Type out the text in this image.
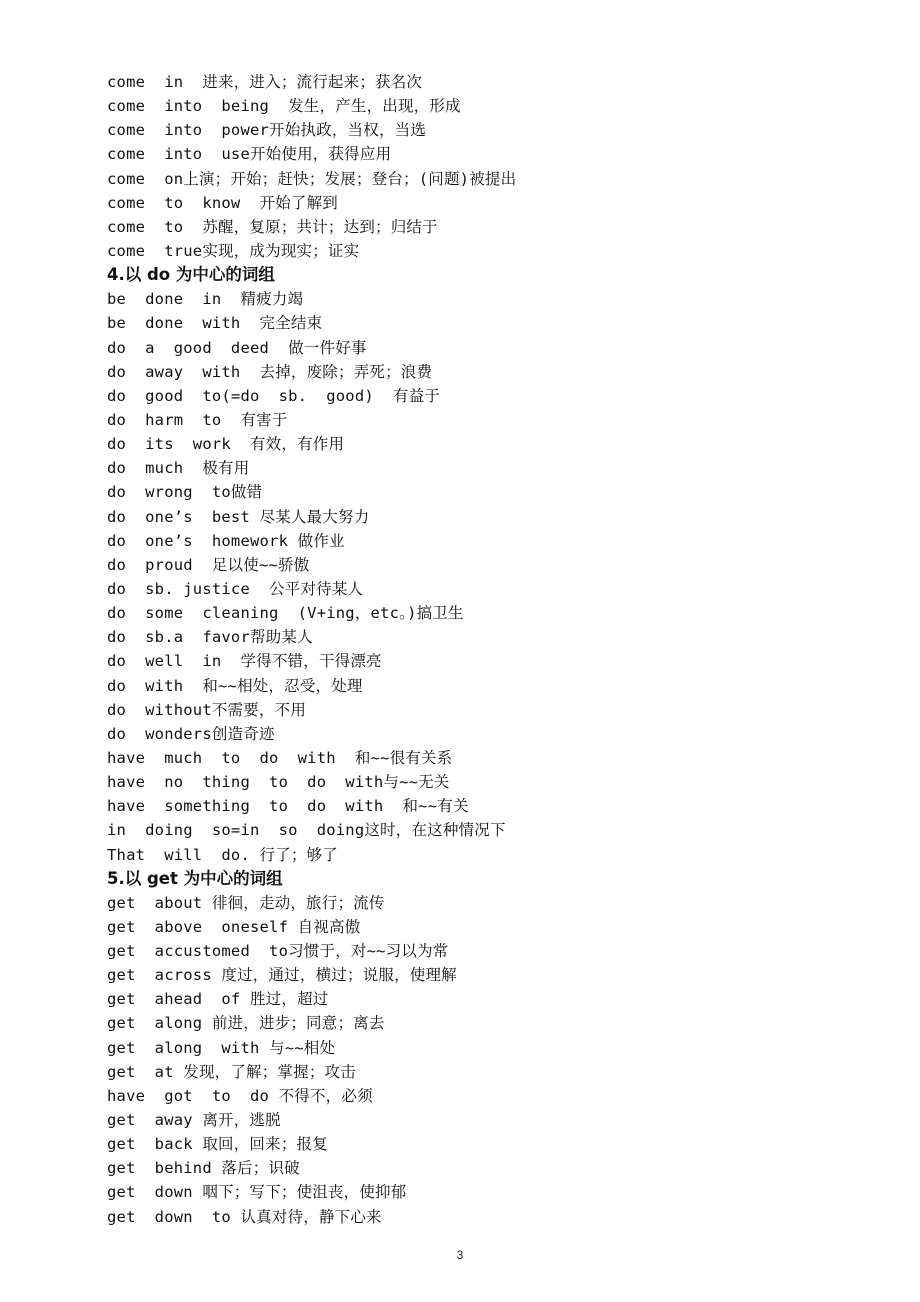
come  in  进来，进入；流行起来；获名次
come  into  being  发生，产生，出现，形成
come  into  power开始执政，当权，当选
come  into  use开始使用，获得应用
come  on上演；开始；赶快；发展；登台；(问题)被提出
come  to  know  开始了解到
come  to  苏醒，复原；共计；达到；归结于
come  true实现，成为现实；证实
4.以 do 为中心的词组
be  done  in  精疲力竭
be  done  with  完全结束
do  a  good  deed  做一件好事
do  away  with  去掉，废除；弄死；浪费
do  good  to(=do  sb.  good)  有益于
do  harm  to  有害于
do  its  work  有效，有作用
do  much  极有用
do  wrong  to做错
do  one’s  best 尽某人最大努力
do  one’s  homework 做作业
do  proud  足以使~~骄傲
do  sb. justice  公平对待某人
do  some  cleaning  (V+ing，etc。)搞卫生
do  sb.a  favor帮助某人
do  well  in  学得不错，干得漂亮
do  with  和~~相处，忍受，处理
do  without不需要，不用
do  wonders创造奇迹
have  much  to  do  with  和~~很有关系
have  no  thing  to  do  with与~~无关
have  something  to  do  with  和~~有关
in  doing  so=in  so  doing这时，在这种情况下
That  will  do. 行了；够了
5.以 get 为中心的词组
get  about 徘徊，走动，旅行；流传
get  above  oneself 自视高傲
get  accustomed  to习惯于，对~~习以为常
get  across 度过，通过，横过；说服，使理解
get  ahead  of 胜过，超过
get  along 前进，进步；同意；离去
get  along  with 与~~相处
get  at 发现，了解；掌握；攻击
have  got  to  do 不得不，必须
get  away 离开，逃脱
get  back 取回，回来；报复
get  behind 落后；识破
get  down 咽下；写下；使沮丧，使抑郁
get  down  to 认真对待，静下心来
3
